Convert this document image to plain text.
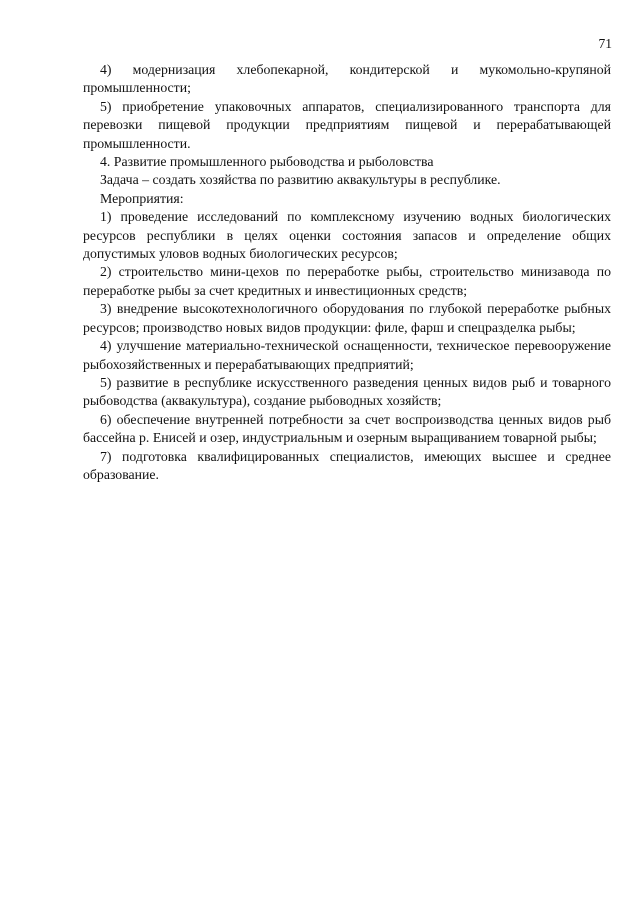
71

4) модернизация хлебопекарной, кондитерской и мукомольно-крупяной промышленности;

5) приобретение упаковочных аппаратов, специализированного транспорта для перевозки пищевой продукции предприятиям пищевой и перерабатывающей промышленности.

4. Развитие промышленного рыбоводства и рыболовства

Задача – создать хозяйства по развитию аквакультуры в республике.

Мероприятия:

1) проведение исследований по комплексному изучению водных биологических ресурсов республики в целях оценки состояния запасов и определение общих допустимых уловов водных биологических ресурсов;

2) строительство мини-цехов по переработке рыбы, строительство минизавода по переработке рыбы за счет кредитных и инвестиционных средств;

3) внедрение высокотехнологичного оборудования по глубокой переработке рыбных ресурсов; производство новых видов продукции: филе, фарш и спецразделка рыбы;

4) улучшение материально-технической оснащенности, техническое перевооружение рыбохозяйственных и перерабатывающих предприятий;

5) развитие в республике искусственного разведения ценных видов рыб и товарного рыбоводства (аквакультура), создание рыбоводных хозяйств;

6) обеспечение внутренней потребности за счет воспроизводства ценных видов рыб бассейна р. Енисей и озер, индустриальным и озерным выращиванием товарной рыбы;

7) подготовка квалифицированных специалистов, имеющих высшее и среднее образование.
